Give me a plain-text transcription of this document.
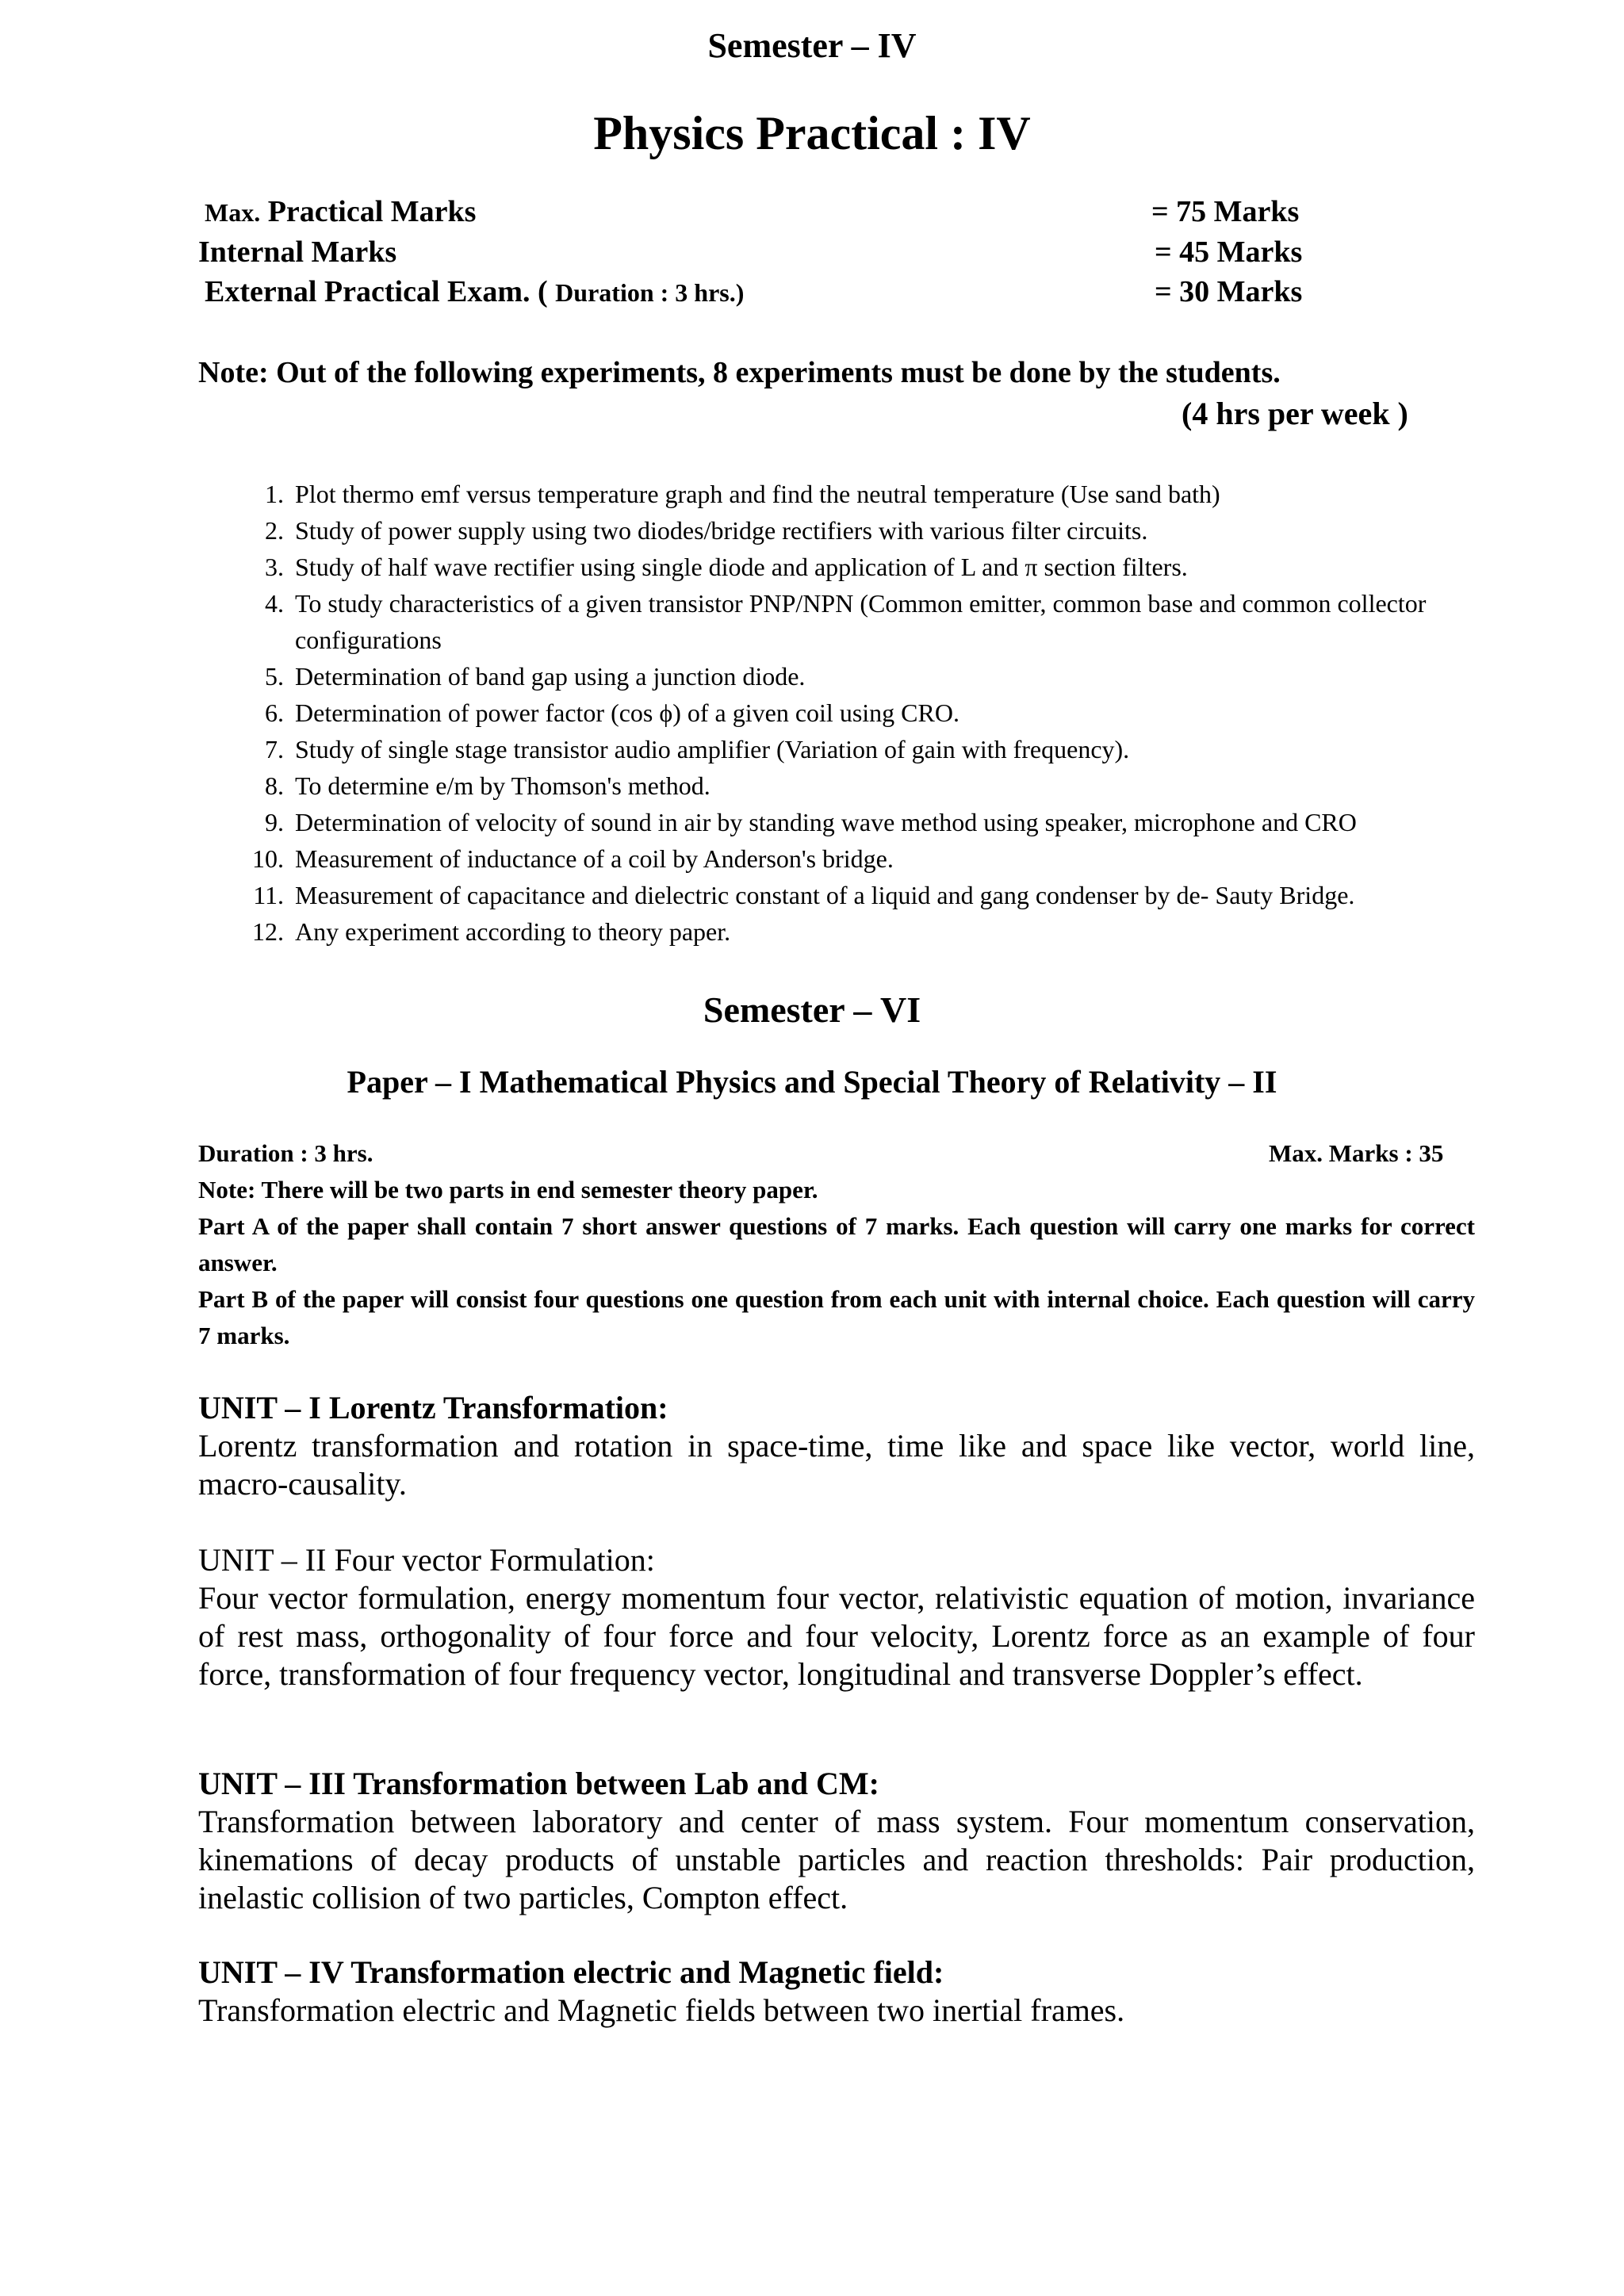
Semester – IV
Physics Practical : IV
Max. Practical Marks	= 75 Marks
Internal Marks	= 45 Marks
External Practical Exam. ( Duration : 3 hrs.)	= 30 Marks
Note: Out of the following experiments, 8 experiments must be done by the students.
(4 hrs per week )
1. Plot thermo emf versus temperature graph and find the neutral temperature (Use sand bath)
2. Study of power supply using two diodes/bridge rectifiers with various filter circuits.
3. Study of half wave rectifier using single diode and application of L and π section filters.
4. To study characteristics of a given transistor PNP/NPN (Common emitter, common base and common collector configurations
5. Determination of band gap using a junction diode.
6. Determination of power factor (cos ϕ) of a given coil using CRO.
7. Study of single stage transistor audio amplifier (Variation of gain with frequency).
8. To determine e/m by Thomson's method.
9. Determination of velocity of sound in air by standing wave method using speaker, microphone and CRO
10. Measurement of inductance of a coil by Anderson's bridge.
11. Measurement of capacitance and dielectric constant of a liquid and gang condenser by de- Sauty Bridge.
12. Any experiment according to theory paper.
Semester – VI
Paper – I Mathematical Physics and Special Theory of Relativity – II
Duration : 3 hrs.	Max. Marks : 35
Note: There will be two parts in end semester theory paper.
Part A of the paper shall contain 7 short answer questions of 7 marks. Each question will carry one marks for correct answer.
Part B of the paper will consist four questions one question from each unit with internal choice. Each question will carry 7 marks.
UNIT – I Lorentz Transformation:
Lorentz transformation and rotation in space-time, time like and space like vector, world line, macro-causality.
UNIT – II Four vector Formulation:
Four vector formulation, energy momentum four vector, relativistic equation of motion, invariance of rest mass, orthogonality of four force and four velocity, Lorentz force as an example of four force, transformation of four frequency vector, longitudinal and transverse Doppler’s effect.
UNIT – III Transformation between Lab and CM:
Transformation between laboratory and center of mass system. Four momentum conservation, kinemations of decay products of unstable particles and reaction thresholds: Pair production, inelastic collision of two particles, Compton effect.
UNIT – IV Transformation electric and Magnetic field:
Transformation electric and Magnetic fields between two inertial frames.
